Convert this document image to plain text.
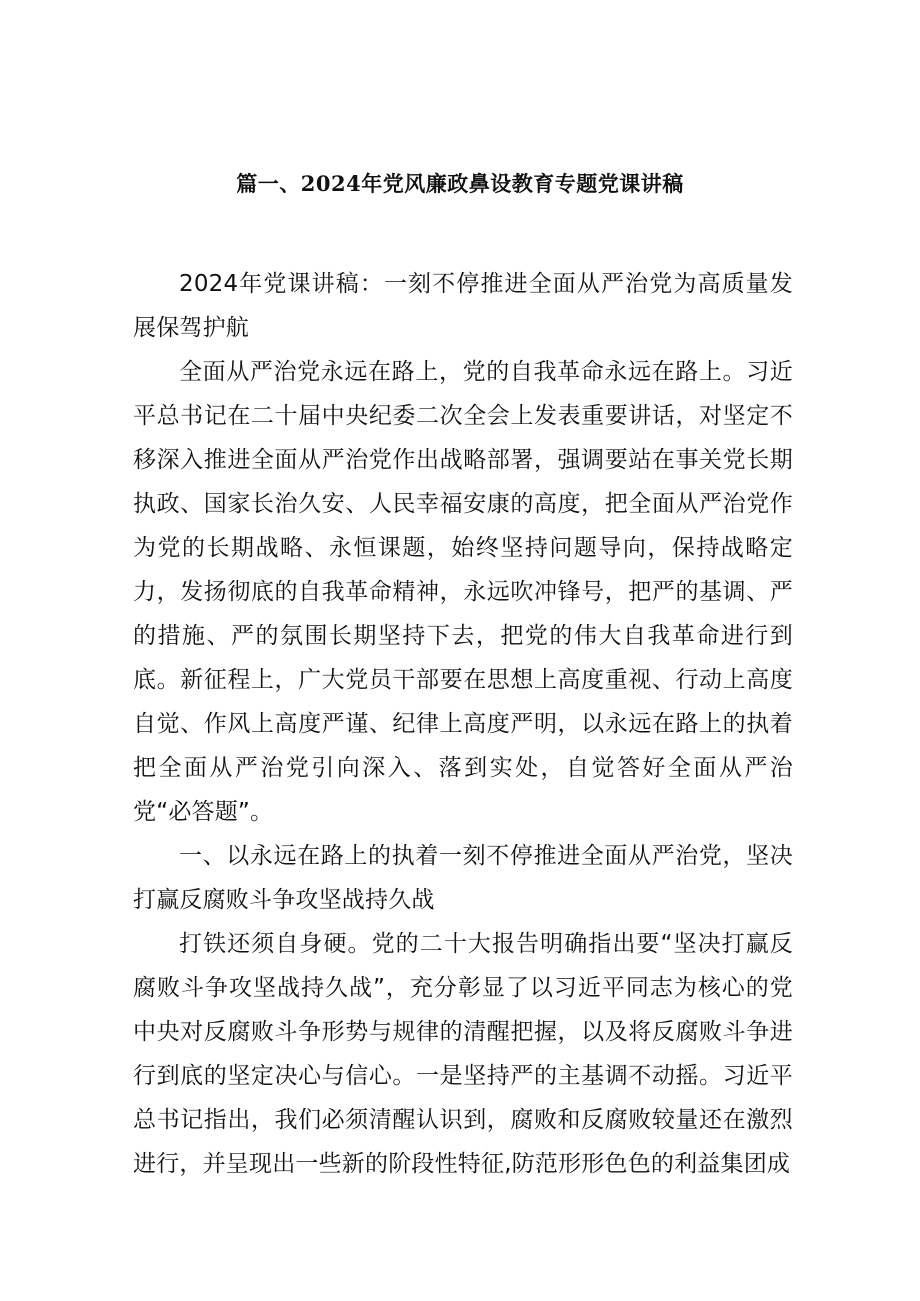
篇一、2024年党风廉政鼻设教育专题党课讲稿

2024年党课讲稿：一刻不停推进全面从严治党为高质量发展保驾护航

全面从严治党永远在路上，党的自我革命永远在路上。习近平总书记在二十届中央纪委二次全会上发表重要讲话，对坚定不移深入推进全面从严治党作出战略部署，强调要站在事关党长期执政、国家长治久安、人民幸福安康的高度，把全面从严治党作为党的长期战略、永恒课题，始终坚持问题导向，保持战略定力，发扬彻底的自我革命精神，永远吹冲锋号，把严的基调、严的措施、严的氛围长期坚持下去，把党的伟大自我革命进行到底。新征程上，广大党员干部要在思想上高度重视、行动上高度自觉、作风上高度严谨、纪律上高度严明，以永远在路上的执着把全面从严治党引向深入、落到实处，自觉答好全面从严治党“必答题”。

一、以永远在路上的执着一刻不停推进全面从严治党，坚决打赢反腐败斗争攻坚战持久战

打铁还须自身硬。党的二十大报告明确指出要“坚决打赢反腐败斗争攻坚战持久战”，充分彰显了以习近平同志为核心的党中央对反腐败斗争形势与规律的清醒把握，以及将反腐败斗争进行到底的坚定决心与信心。一是坚持严的主基调不动摇。习近平总书记指出，我们必须清醒认识到，腐败和反腐败较量还在激烈进行，并呈现出一些新的阶段性特征,防范形形色色的利益集团成
